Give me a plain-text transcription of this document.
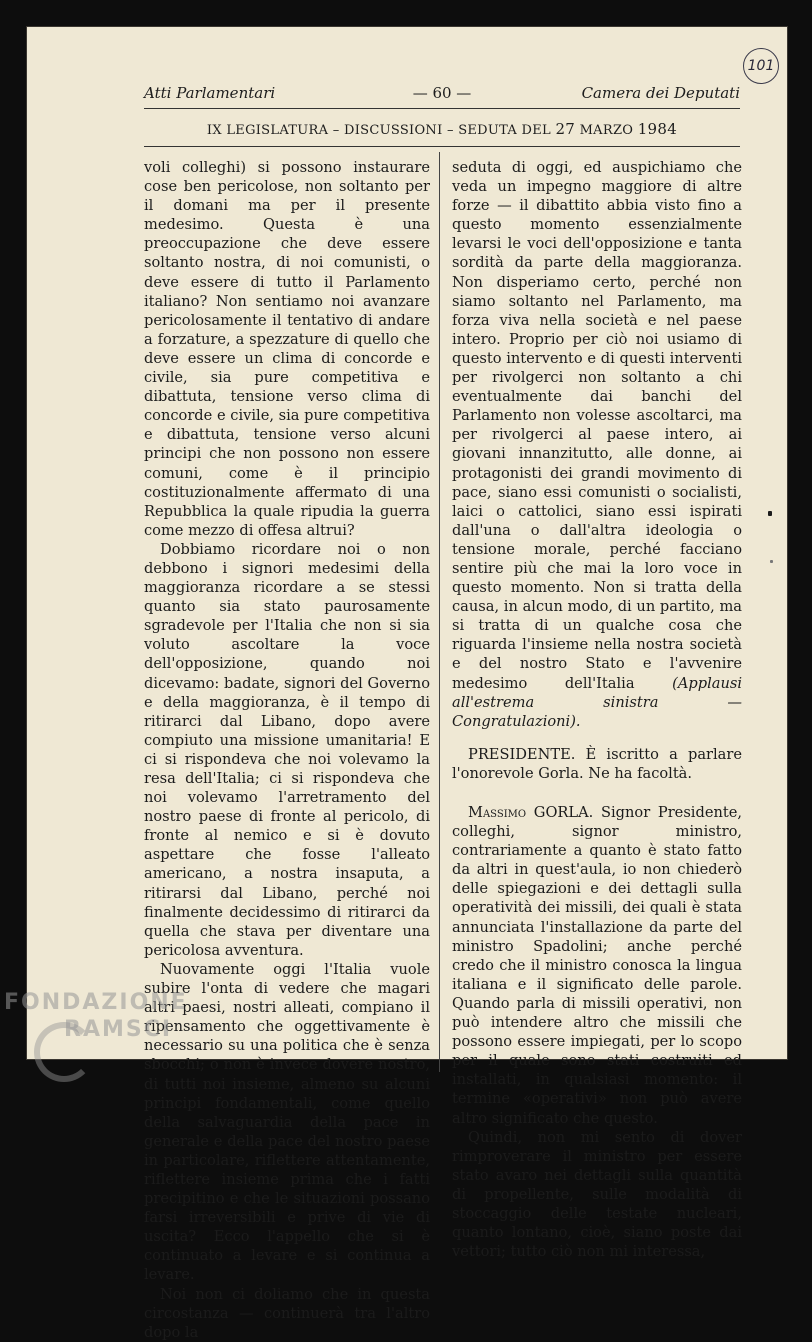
101
Atti Parlamentari	— 60 —	Camera dei Deputati
IX LEGISLATURA – DISCUSSIONI – SEDUTA DEL 27 MARZO 1984

voli colleghi) si possono instaurare cose ben pericolose, non soltanto per il domani ma per il presente medesimo. Questa è una preoccupazione che deve essere soltanto nostra, di noi comunisti, o deve essere di tutto il Parlamento italiano? Non sentiamo noi avanzare pericolosamente il tentativo di andare a forzature, a spezzature di quello che deve essere un clima di concorde e civile, sia pure competitiva e dibattuta, tensione verso clima di concorde e civile, sia pure competitiva e dibattuta, tensione verso alcuni principi che non possono non essere comuni, come è il principio costituzionalmente affermato di una Repubblica la quale ripudia la guerra come mezzo di offesa altrui?

Dobbiamo ricordare noi o non debbono i signori medesimi della maggioranza ricordare a se stessi quanto sia stato paurosamente sgradevole per l'Italia che non si sia voluto ascoltare la voce dell'opposizione, quando noi dicevamo: badate, signori del Governo e della maggioranza, è il tempo di ritirarci dal Libano, dopo avere compiuto una missione umanitaria! E ci si rispondeva che noi volevamo la resa dell'Italia; ci si rispondeva che noi volevamo l'arretramento del nostro paese di fronte al pericolo, di fronte al nemico e si è dovuto aspettare che fosse l'alleato americano, a nostra insaputa, a ritirarsi dal Libano, perché noi finalmente decidessimo di ritirarci da quella che stava per diventare una pericolosa avventura.

Nuovamente oggi l'Italia vuole subire l'onta di vedere che magari altri paesi, nostri alleati, compiano il ripensamento che oggettivamente è necessario su una politica che è senza sbocchi; o non è invece dovere nostro, di tutti noi insieme, almeno su alcuni principi fondamentali, come quello della salvaguardia della pace in generale e della pace del nostro paese in particolare, riflettere attentamente, riflettere insieme prima che i fatti precipitino e che le situazioni possano farsi irreversibili e prive di vie di uscita? Ecco l'appello che si è continuato a levare e si continua a levare.

Noi non ci doliamo che in questa circostanza — continuerà tra l'altro dopo la

seduta di oggi, ed auspichiamo che veda un impegno maggiore di altre forze — il dibattito abbia visto fino a questo momento essenzialmente levarsi le voci dell'opposizione e tanta sordità da parte della maggioranza. Non disperiamo certo, perché non siamo soltanto nel Parlamento, ma forza viva nella società e nel paese intero. Proprio per ciò noi usiamo di questo intervento e di questi interventi per rivolgerci non soltanto a chi eventualmente dai banchi del Parlamento non volesse ascoltarci, ma per rivolgerci al paese intero, ai giovani innanzitutto, alle donne, ai protagonisti dei grandi movimento di pace, siano essi comunisti o socialisti, laici o cattolici, siano essi ispirati dall'una o dall'altra ideologia o tensione morale, perché facciano sentire più che mai la loro voce in questo momento. Non si tratta della causa, in alcun modo, di un partito, ma si tratta di un qualche cosa che riguarda l'insieme nella nostra società e del nostro Stato e l'avvenire medesimo dell'Italia	(Applausi all'estrema sinistra — Congratulazioni).

PRESIDENTE. È iscritto a parlare l'onorevole Gorla. Ne ha facoltà.

Massimo GORLA. Signor Presidente, colleghi, signor ministro, contrariamente a quanto è stato fatto da altri in quest'aula, io non chiederò delle spiegazioni e dei dettagli sulla operatività dei missili, dei quali è stata annunciata l'installazione da parte del ministro Spadolini; anche perché credo che il ministro conosca la lingua italiana e il significato delle parole. Quando parla di missili operativi, non può intendere altro che missili che possono essere impiegati, per lo scopo per il quale sono stati costruiti ed installati, in qualsiasi momento: il termine «operativi» non può avere altro significato che questo.

Quindi, non mi sento di dover rimproverare il ministro per essere stato avaro nei dettagli sulla quantità di propellente, sulle modalità di stoccaggio delle testate nucleari, quanto lontano, cioè, siano poste dai vettori; tutto ciò non mi interessa,

FONDAZIONE
RAMSCI
